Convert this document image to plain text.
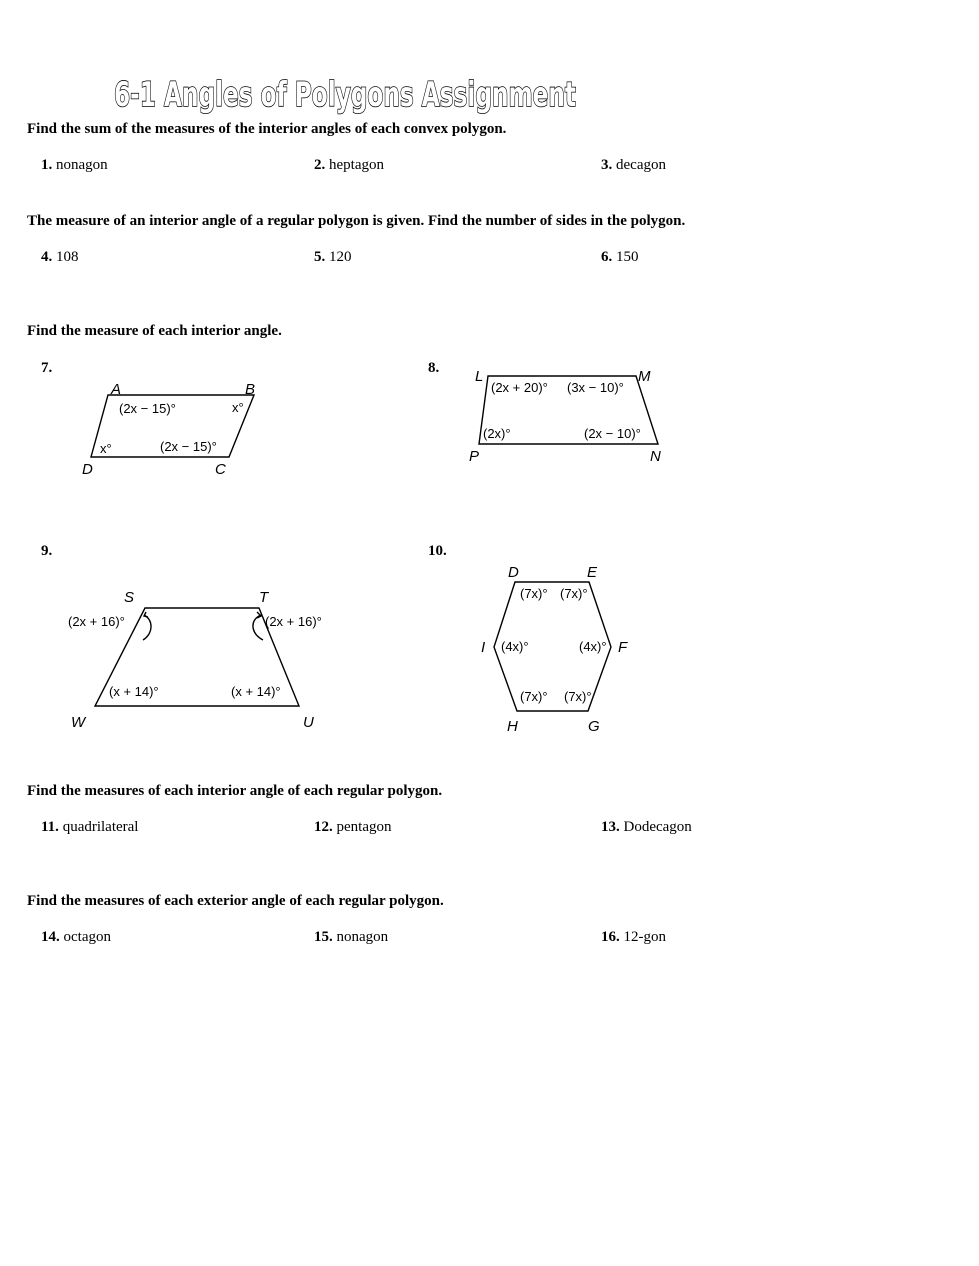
6-1 Angles of Polygons Assignment
Find the sum of the measures of the interior angles of each convex polygon.
1. nonagon	2. heptagon	3. decagon
The measure of an interior angle of a regular polygon is given. Find the number of sides in the polygon.
4. 108	5. 120	6. 150
Find the measure of each interior angle.
7.
A	B
C
D
(2x − 15)°	x°
(2x − 15)°
x°
8. L	M
N
P
(2x + 20)° (3x − 10)°
(2x − 10)°
(2x)°
9.
S	T
U
W
(2x + 16)°	(2x + 16)°
(x + 14)°
(x + 14)°
10.
D	E
F
G
H
I
(7x)° (7x)°
(4x)°
(7x)°
(7x)°
(4x)°
Find the measures of each interior angle of each regular polygon.
11. quadrilateral	12. pentagon	13. Dodecagon
Find the measures of each exterior angle of each regular polygon.
14. octagon	15. nonagon	16. 12-gon
